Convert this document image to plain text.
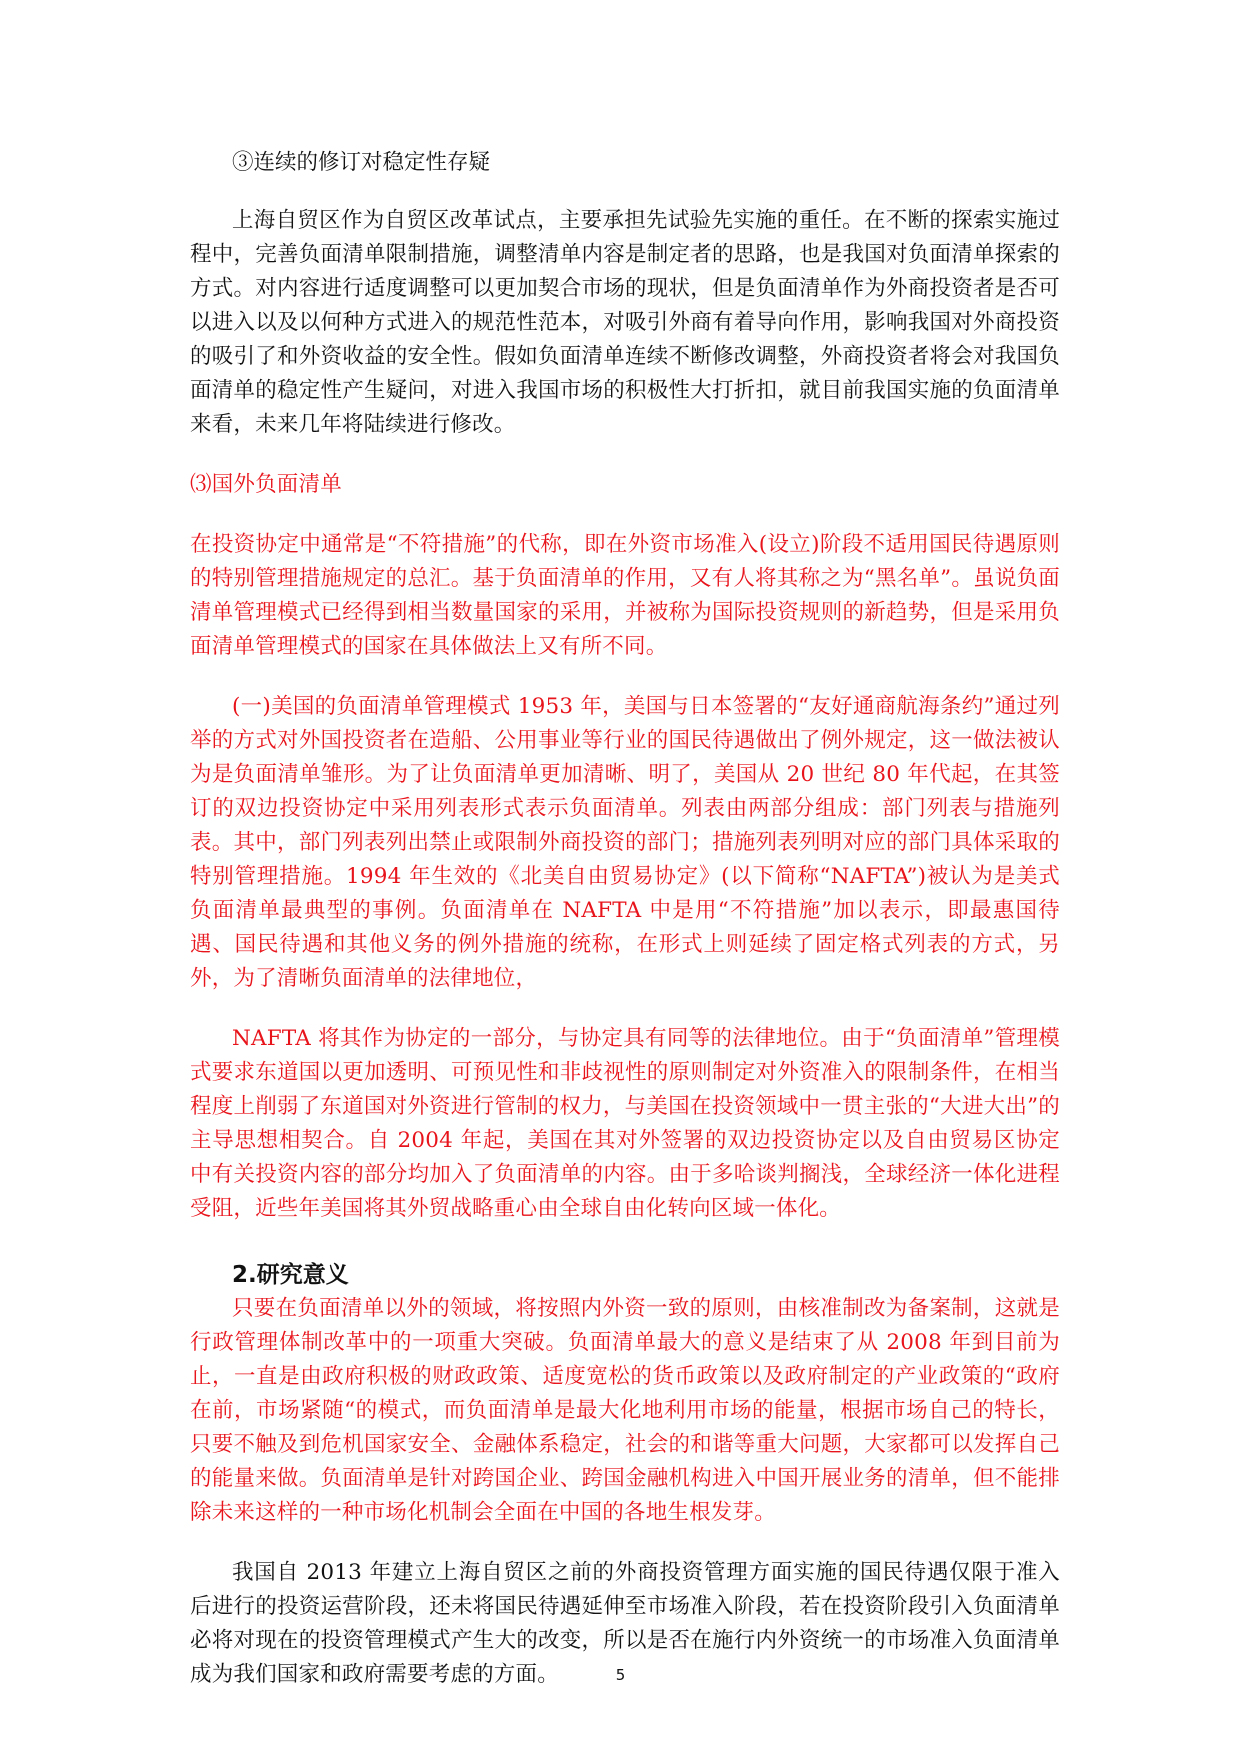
③连续的修订对稳定性存疑

上海自贸区作为自贸区改革试点，主要承担先试验先实施的重任。在不断的探索实施过程中，完善负面清单限制措施，调整清单内容是制定者的思路，也是我国对负面清单探索的方式。对内容进行适度调整可以更加契合市场的现状，但是负面清单作为外商投资者是否可以进入以及以何种方式进入的规范性范本，对吸引外商有着导向作用，影响我国对外商投资的吸引了和外资收益的安全性。假如负面清单连续不断修改调整，外商投资者将会对我国负面清单的稳定性产生疑问，对进入我国市场的积极性大打折扣，就目前我国实施的负面清单来看，未来几年将陆续进行修改。

⑶国外负面清单

在投资协定中通常是“不符措施”的代称，即在外资市场准入(设立)阶段不适用国民待遇原则的特别管理措施规定的总汇。基于负面清单的作用，又有人将其称之为“黑名单”。虽说负面清单管理模式已经得到相当数量国家的采用，并被称为国际投资规则的新趋势，但是采用负面清单管理模式的国家在具体做法上又有所不同。

(一)美国的负面清单管理模式 1953 年，美国与日本签署的“友好通商航海条约”通过列举的方式对外国投资者在造船、公用事业等行业的国民待遇做出了例外规定，这一做法被认为是负面清单雏形。为了让负面清单更加清晰、明了，美国从 20 世纪 80 年代起，在其签订的双边投资协定中采用列表形式表示负面清单。列表由两部分组成：部门列表与措施列表。其中，部门列表列出禁止或限制外商投资的部门；措施列表列明对应的部门具体采取的特别管理措施。1994 年生效的《北美自由贸易协定》(以下简称“NAFTA”)被认为是美式负面清单最典型的事例。负面清单在 NAFTA 中是用“不符措施”加以表示，即最惠国待遇、国民待遇和其他义务的例外措施的统称，在形式上则延续了固定格式列表的方式，另外，为了清晰负面清单的法律地位，

NAFTA 将其作为协定的一部分，与协定具有同等的法律地位。由于“负面清单”管理模式要求东道国以更加透明、可预见性和非歧视性的原则制定对外资准入的限制条件，在相当程度上削弱了东道国对外资进行管制的权力，与美国在投资领域中一贯主张的“大进大出”的主导思想相契合。自 2004 年起，美国在其对外签署的双边投资协定以及自由贸易区协定中有关投资内容的部分均加入了负面清单的内容。由于多哈谈判搁浅，全球经济一体化进程受阻，近些年美国将其外贸战略重心由全球自由化转向区域一体化。

2.研究意义

只要在负面清单以外的领域，将按照内外资一致的原则，由核准制改为备案制，这就是行政管理体制改革中的一项重大突破。负面清单最大的意义是结束了从 2008 年到目前为止，一直是由政府积极的财政政策、适度宽松的货币政策以及政府制定的产业政策的“政府在前，市场紧随“的模式，而负面清单是最大化地利用市场的能量，根据市场自己的特长，只要不触及到危机国家安全、金融体系稳定，社会的和谐等重大问题，大家都可以发挥自己的能量来做。负面清单是针对跨国企业、跨国金融机构进入中国开展业务的清单，但不能排除未来这样的一种市场化机制会全面在中国的各地生根发芽。

我国自 2013 年建立上海自贸区之前的外商投资管理方面实施的国民待遇仅限于准入后进行的投资运营阶段，还未将国民待遇延伸至市场准入阶段，若在投资阶段引入负面清单必将对现在的投资管理模式产生大的改变，所以是否在施行内外资统一的市场准入负面清单成为我们国家和政府需要考虑的方面。	5
